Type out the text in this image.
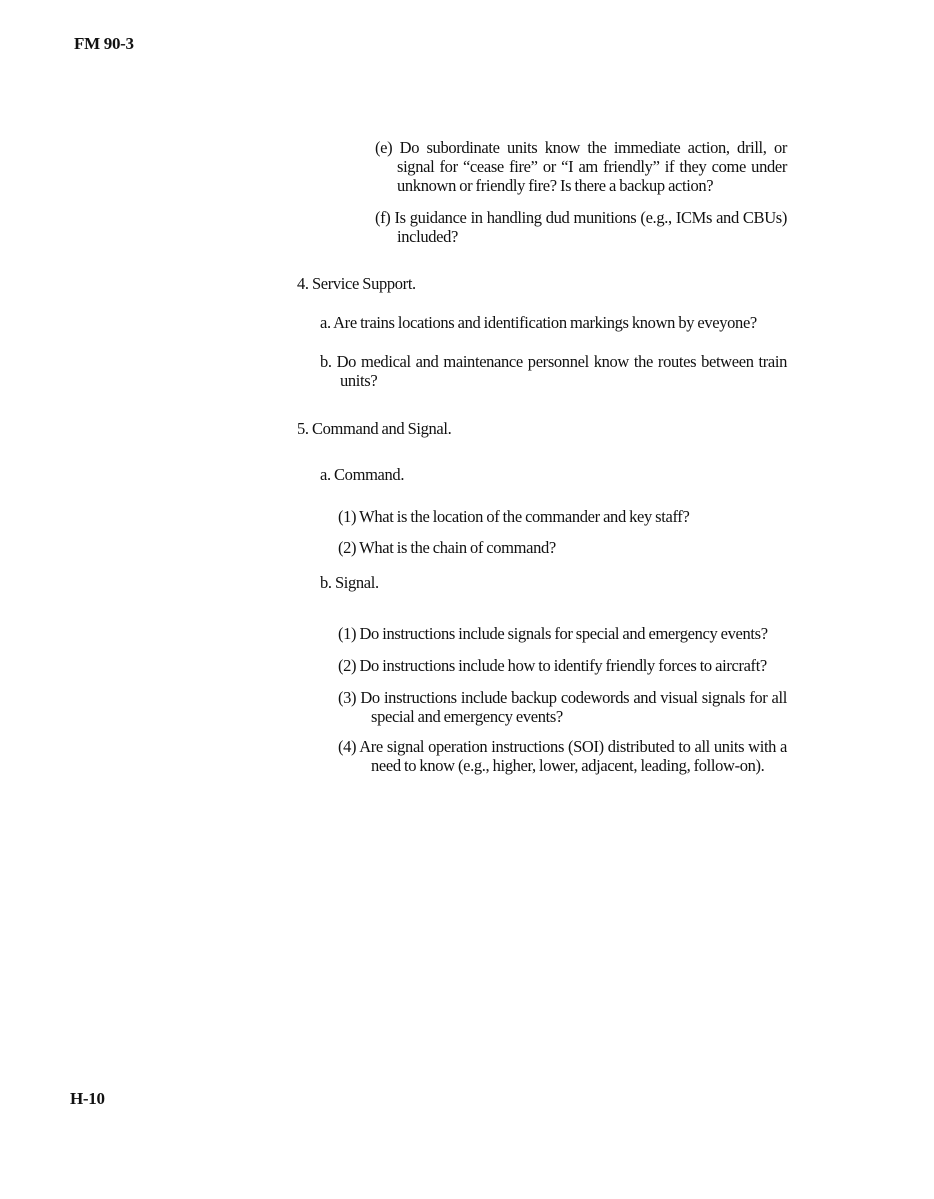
FM 90-3
(e) Do subordinate units know the immediate action, drill, or signal for “cease fire” or “I am friendly” if they come under unknown or friendly fire? Is there a backup action?
(f) Is guidance in handling dud munitions (e.g., ICMs and CBUs) included?
4. Service Support.
a. Are trains locations and identification markings known by eveyone?
b. Do medical and maintenance personnel know the routes between train units?
5. Command and Signal.
a. Command.
(1) What is the location of the commander and key staff?
(2) What is the chain of command?
b. Signal.
(1) Do instructions include signals for special and emergency events?
(2) Do instructions include how to identify friendly forces to aircraft?
(3) Do instructions include backup codewords and visual signals for all special and emergency events?
(4) Are signal operation instructions (SOI) distributed to all units with a need to know (e.g., higher, lower, adjacent, leading, follow-on).
H-10
